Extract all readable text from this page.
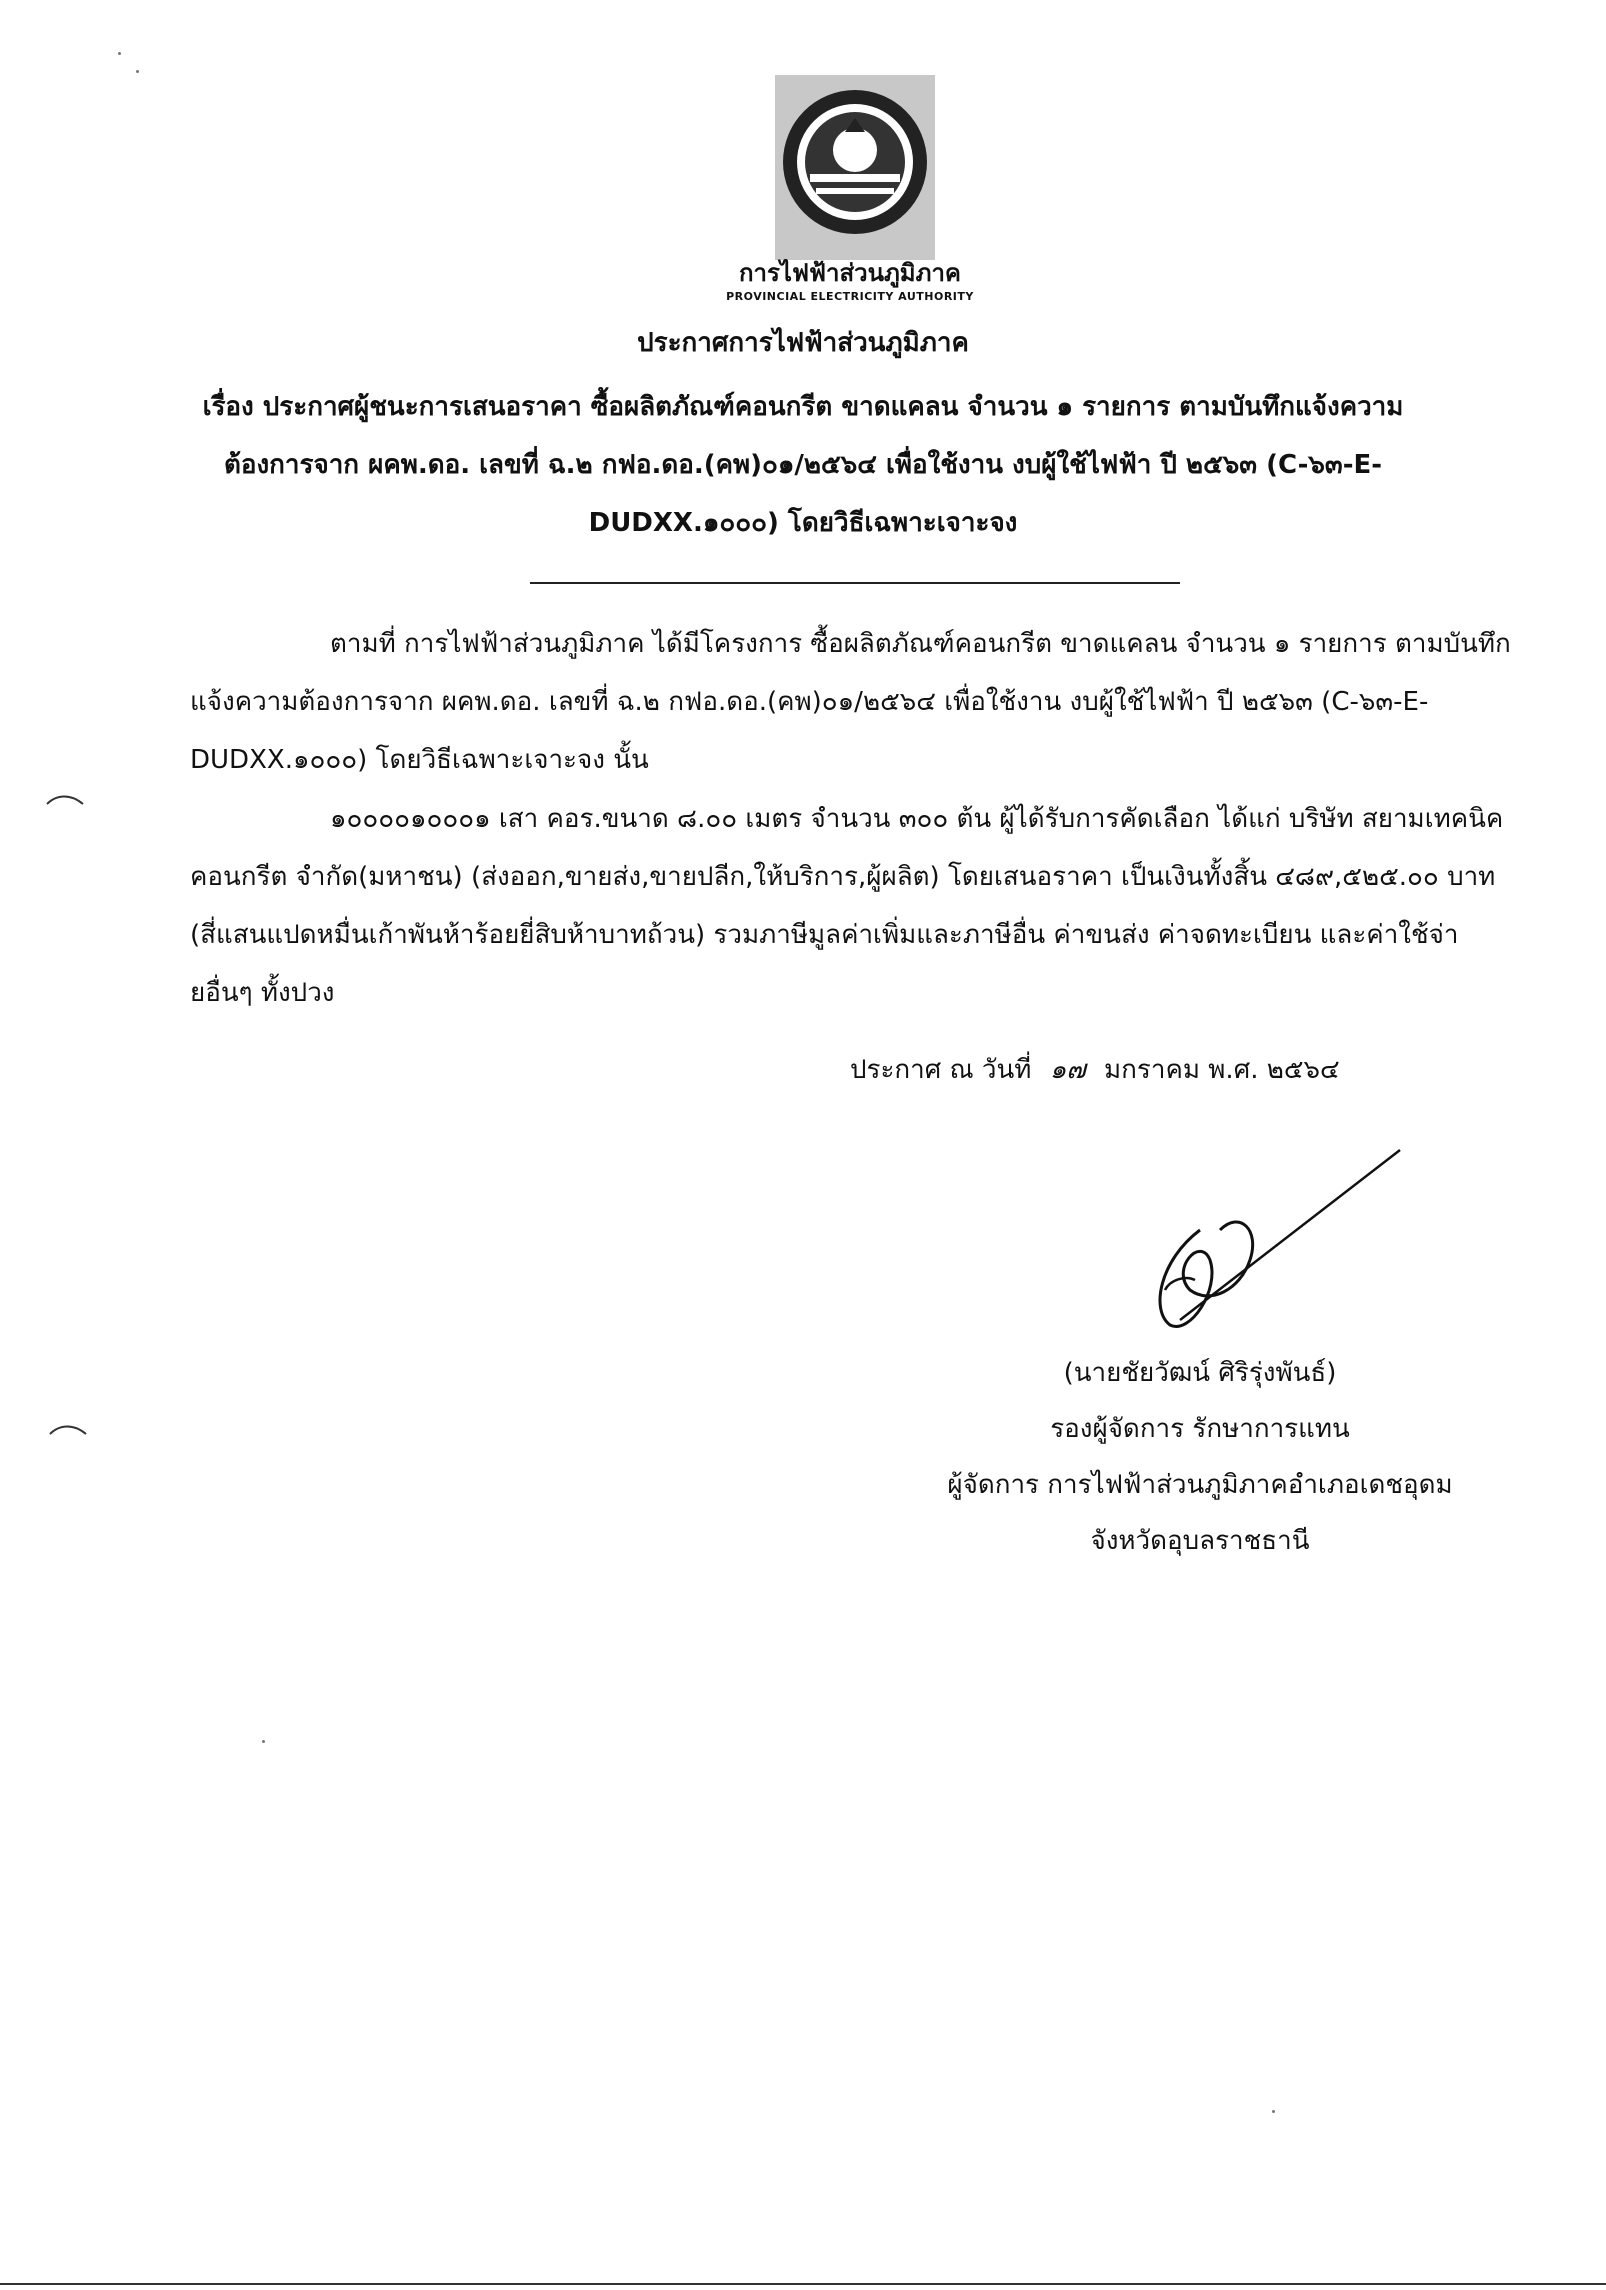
การไฟฟ้าส่วนภูมิภาค
PROVINCIAL ELECTRICITY AUTHORITY
ประกาศการไฟฟ้าส่วนภูมิภาค
เรื่อง ประกาศผู้ชนะการเสนอราคา ซื้อผลิตภัณฑ์คอนกรีต ขาดแคลน จำนวน ๑ รายการ ตามบันทึกแจ้งความ
ต้องการจาก ผคพ.ดอ. เลขที่ ฉ.๒ กฟอ.ดอ.(คพ)๐๑/๒๕๖๔ เพื่อใช้งาน งบผู้ใช้ไฟฟ้า ปี ๒๕๖๓ (C-๖๓-E-
DUDXX.๑๐๐๐) โดยวิธีเฉพาะเจาะจง
ตามที่ การไฟฟ้าส่วนภูมิภาค ได้มีโครงการ ซื้อผลิตภัณฑ์คอนกรีต ขาดแคลน จำนวน ๑ รายการ ตามบันทึกแจ้งความต้องการจาก ผคพ.ดอ. เลขที่ ฉ.๒ กฟอ.ดอ.(คพ)๐๑/๒๕๖๔ เพื่อใช้งาน งบผู้ใช้ไฟฟ้า ปี ๒๕๖๓ (C-๖๓-E-DUDXX.๑๐๐๐) โดยวิธีเฉพาะเจาะจง นั้น
๑๐๐๐๐๑๐๐๐๑ เสา คอร.ขนาด ๘.๐๐ เมตร จำนวน ๓๐๐ ต้น ผู้ได้รับการคัดเลือก ได้แก่ บริษัท สยามเทคนิคคอนกรีต จำกัด(มหาชน) (ส่งออก,ขายส่ง,ขายปลีก,ให้บริการ,ผู้ผลิต) โดยเสนอราคา เป็นเงินทั้งสิ้น ๔๘๙,๕๒๕.๐๐ บาท (สี่แสนแปดหมื่นเก้าพันห้าร้อยยี่สิบห้าบาทถ้วน) รวมภาษีมูลค่าเพิ่มและภาษีอื่น ค่าขนส่ง ค่าจดทะเบียน และค่าใช้จ่ายอื่นๆ ทั้งปวง
ประกาศ ณ วันที่ ๑๗ มกราคม พ.ศ. ๒๕๖๔
(นายชัยวัฒน์ ศิริรุ่งพันธ์)
รองผู้จัดการ รักษาการแทน
ผู้จัดการ การไฟฟ้าส่วนภูมิภาคอำเภอเดชอุดม
จังหวัดอุบลราชธานี
